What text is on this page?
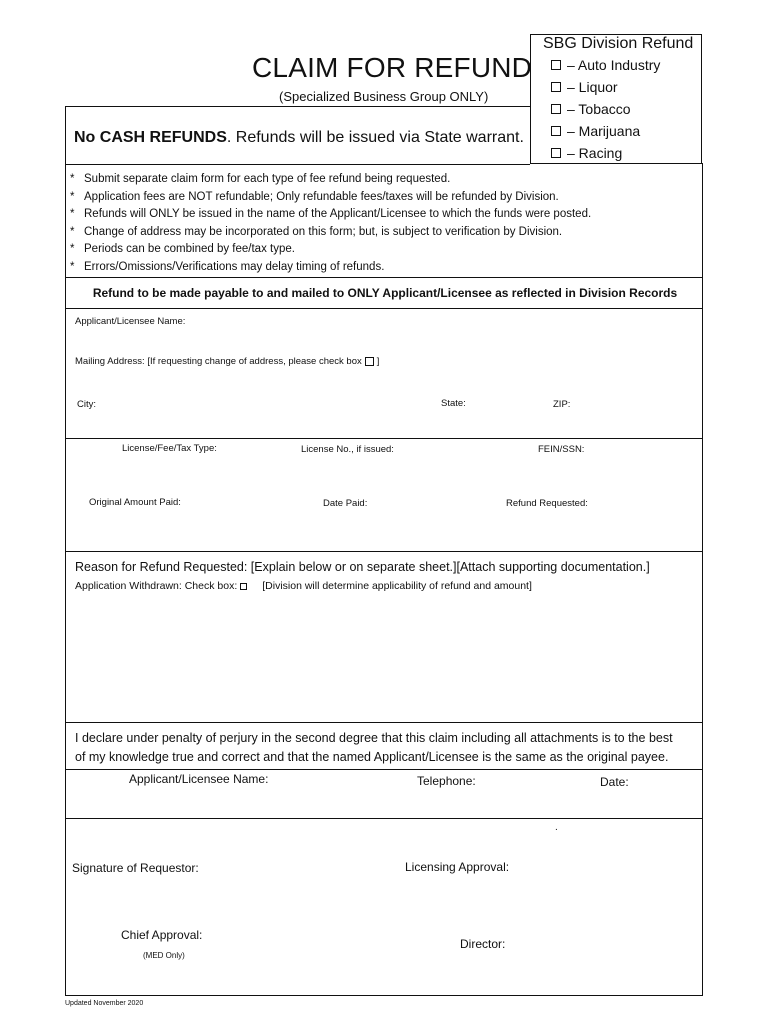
CLAIM FOR REFUND
(Specialized Business Group ONLY)
SBG Division Refund
– Auto Industry
– Liquor
– Tobacco
– Marijuana
– Racing
No CASH REFUNDS. Refunds will be issued via State warrant.
* Submit separate claim form for each type of fee refund being requested.
* Application fees are NOT refundable; Only refundable fees/taxes will be refunded by Division.
* Refunds will ONLY be issued in the name of the Applicant/Licensee to which the funds were posted.
* Change of address may be incorporated on this form; but, is subject to verification by Division.
* Periods can be combined by fee/tax type.
* Errors/Omissions/Verifications may delay timing of refunds.
Refund to be made payable to and mailed to ONLY Applicant/Licensee as reflected in Division Records
Applicant/Licensee Name:
Mailing Address: [If requesting change of address, please check box ]
City:	State:	ZIP:
License/Fee/Tax Type:	License No., if issued:	FEIN/SSN:
Original Amount Paid:	Date Paid:	Refund Requested:
Reason for Refund Requested: [Explain below or on separate sheet.][Attach supporting documentation.]
Application Withdrawn: Check box: [Division will determine applicability of refund and amount]
I declare under penalty of perjury in the second degree that this claim including all attachments is to the best
of my knowledge true and correct and that the named Applicant/Licensee is the same as the original payee.
Applicant/Licensee Name:	Telephone:	Date:
.
Signature of Requestor:	Licensing Approval:
Chief Approval:
(MED Only)
Director:
Updated November 2020
